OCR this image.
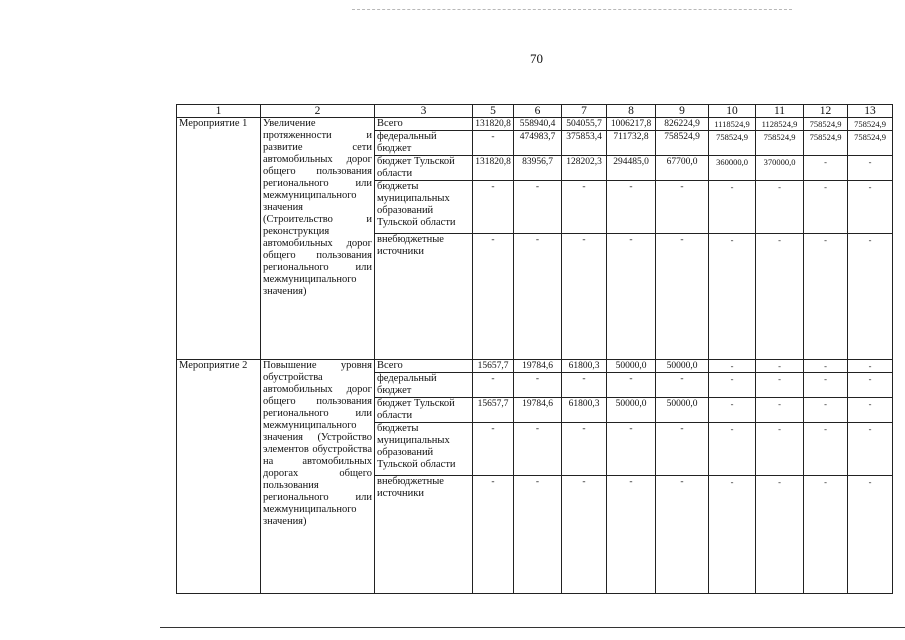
70
1	2	3	5	6	7	8	9	10	11	12	13
Мероприятие 1	Увеличение протяженности и развитие сети автомобильных дорог общего пользования регионального или межмуниципального значения (Строительство и реконструкция автомобильных дорог общего пользования регионального или межмуниципального значения)	Всего	131820,8	558940,4	504055,7	1006217,8	826224,9	1118524,9	1128524,9	758524,9	758524,9
		федеральный бюджет	-	474983,7	375853,4	711732,8	758524,9	758524,9	758524,9	758524,9	758524,9
		бюджет Тульской области	131820,8	83956,7	128202,3	294485,0	67700,0	360000,0	370000,0	-	-
		бюджеты муниципальных образований Тульской области	-	-	-	-	-	-	-	-	-
		внебюджетные источники	-	-	-	-	-	-	-	-	-
Мероприятие 2	Повышение уровня обустройства автомобильных дорог общего пользования регионального или межмуниципального значения (Устройство элементов обустройства на автомобильных дорогах общего пользования регионального или межмуниципального значения)	Всего	15657,7	19784,6	61800,3	50000,0	50000,0	-	-	-	-
		федеральный бюджет	-	-	-	-	-	-	-	-	-
		бюджет Тульской области	15657,7	19784,6	61800,3	50000,0	50000,0	-	-	-	-
		бюджеты муниципальных образований Тульской области	-	-	-	-	-	-	-	-	-
		внебюджетные источники	-	-	-	-	-	-	-	-	-
